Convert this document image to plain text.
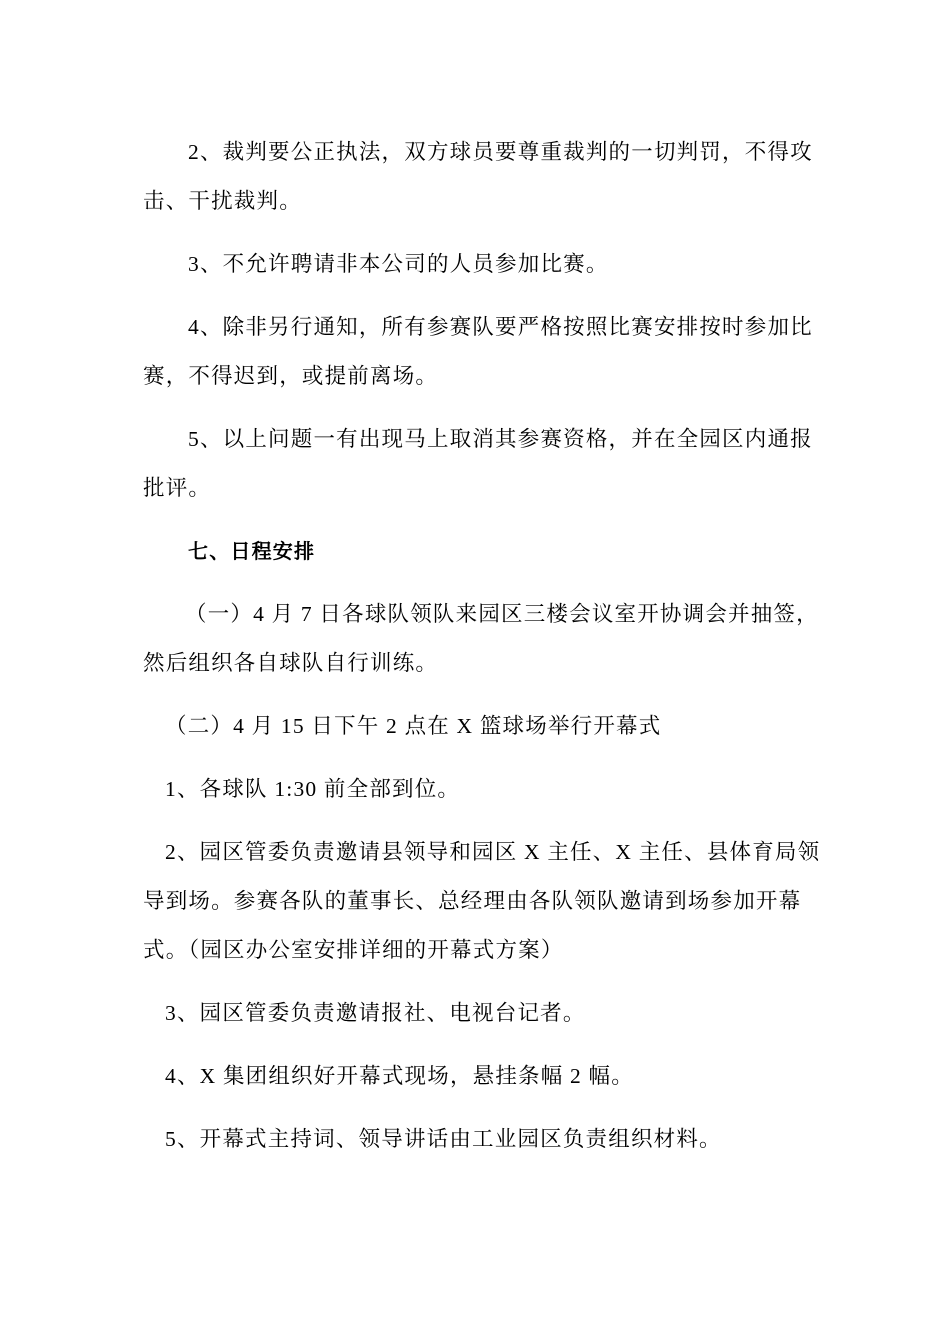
2、裁判要公正执法，双方球员要尊重裁判的一切判罚，不得攻
击、干扰裁判。
3、不允许聘请非本公司的人员参加比赛。
4、除非另行通知，所有参赛队要严格按照比赛安排按时参加比
赛，不得迟到，或提前离场。
5、以上问题一有出现马上取消其参赛资格，并在全园区内通报
批评。
七、日程安排
（一）4 月 7 日各球队领队来园区三楼会议室开协调会并抽签，
然后组织各自球队自行训练。
（二）4 月 15 日下午 2 点在 X 篮球场举行开幕式
1、各球队 1:30 前全部到位。
2、园区管委负责邀请县领导和园区 X 主任、X 主任、县体育局领
导到场。参赛各队的董事长、总经理由各队领队邀请到场参加开幕
式。（园区办公室安排详细的开幕式方案）
3、园区管委负责邀请报社、电视台记者。
4、X 集团组织好开幕式现场，悬挂条幅 2 幅。
5、开幕式主持词、领导讲话由工业园区负责组织材料。
